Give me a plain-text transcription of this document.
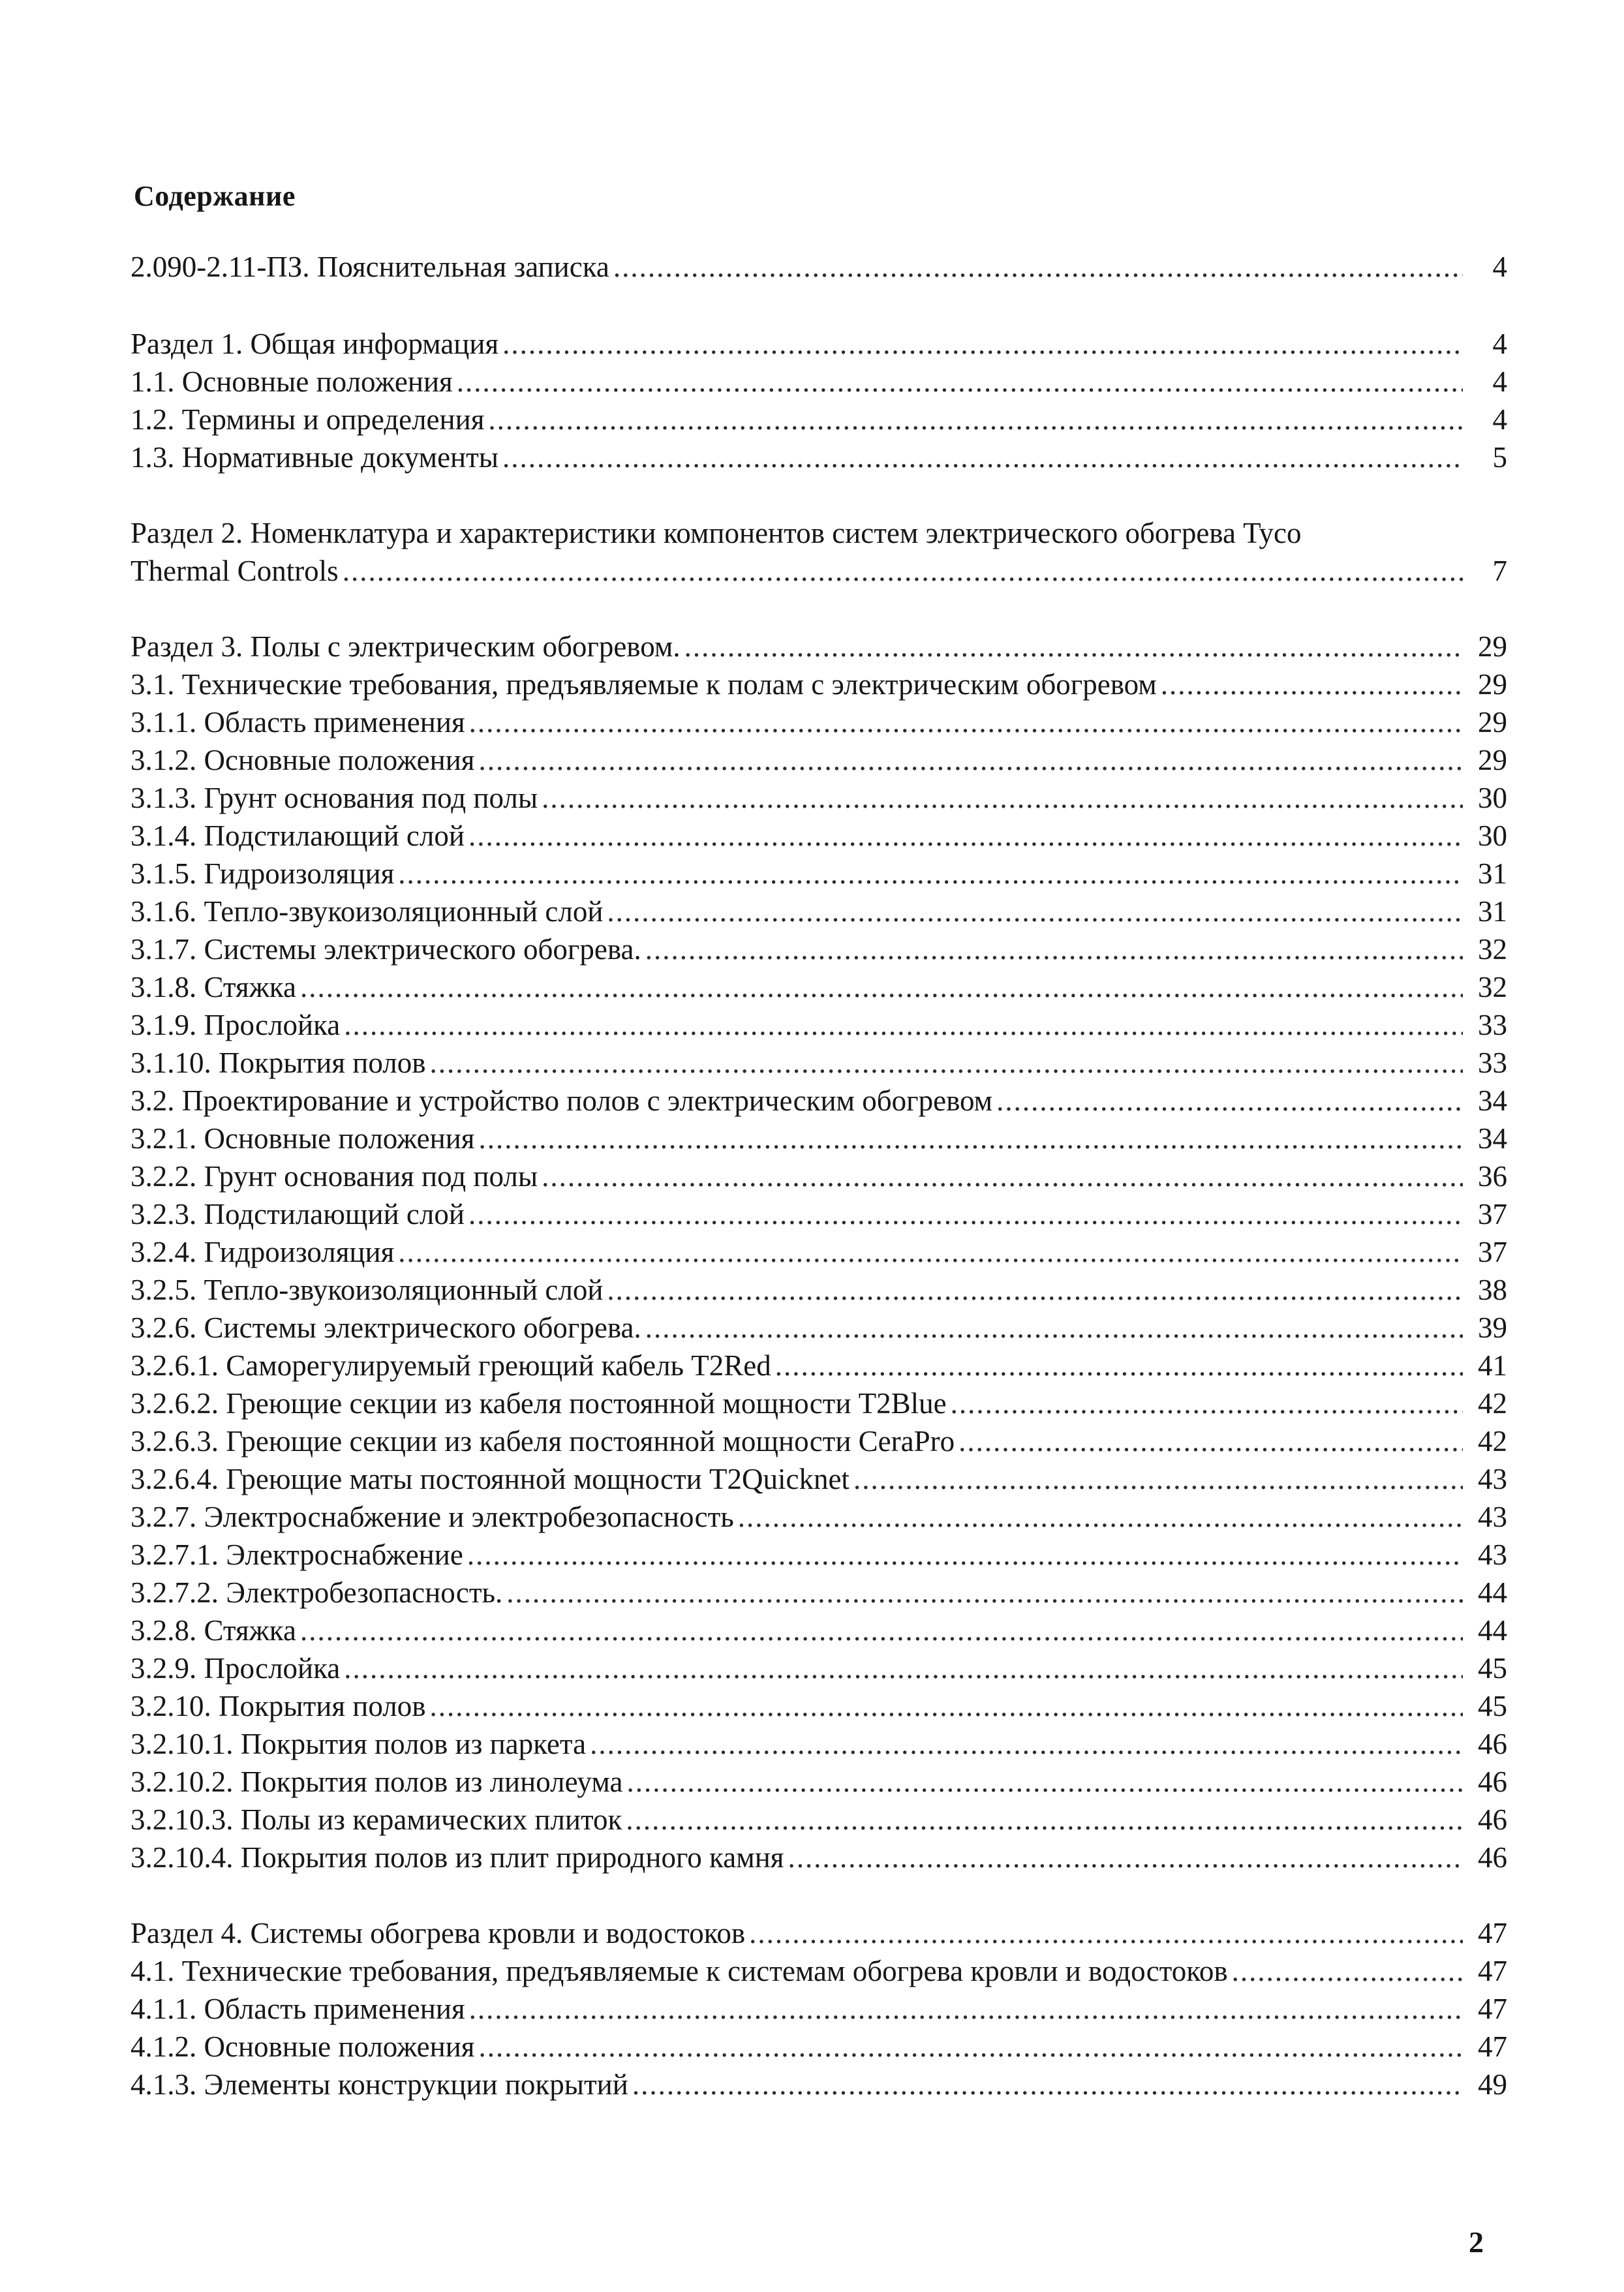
Содержание
2.090-2.11-ПЗ. Пояснительная записка .....	4
Раздел 1. Общая информация .....	4
1.1. Основные положения .....	4
1.2. Термины и определения .....	4
1.3. Нормативные документы .....	5
Раздел 2. Номенклатура и характеристики компонентов систем электрического обогрева Tyco
Thermal Controls .....	7
Раздел 3. Полы с электрическим обогревом. .....	29
3.1. Технические требования, предъявляемые к полам с электрическим обогревом .....	29
3.1.1. Область применения .....	29
3.1.2. Основные положения .....	29
3.1.3. Грунт основания под полы .....	30
3.1.4. Подстилающий слой .....	30
3.1.5. Гидроизоляция .....	31
3.1.6. Тепло-звукоизоляционный слой .....	31
3.1.7. Системы электрического обогрева. .....	32
3.1.8. Стяжка .....	32
3.1.9. Прослойка .....	33
3.1.10. Покрытия полов .....	33
3.2. Проектирование и устройство полов с электрическим обогревом .....	34
3.2.1. Основные положения .....	34
3.2.2. Грунт основания под полы .....	36
3.2.3. Подстилающий слой .....	37
3.2.4. Гидроизоляция .....	37
3.2.5. Тепло-звукоизоляционный слой .....	38
3.2.6. Системы электрического обогрева. .....	39
3.2.6.1. Саморегулируемый греющий кабель T2Red .....	41
3.2.6.2. Греющие секции из кабеля постоянной мощности T2Blue .....	42
3.2.6.3. Греющие секции из кабеля постоянной мощности CeraPro .....	42
3.2.6.4. Греющие маты постоянной мощности T2Quicknet .....	43
3.2.7. Электроснабжение и электробезопасность .....	43
3.2.7.1. Электроснабжение .....	43
3.2.7.2. Электробезопасность. .....	44
3.2.8. Стяжка .....	44
3.2.9. Прослойка .....	45
3.2.10. Покрытия полов .....	45
3.2.10.1. Покрытия полов из паркета .....	46
3.2.10.2. Покрытия полов из линолеума .....	46
3.2.10.3. Полы из керамических плиток .....	46
3.2.10.4. Покрытия полов из плит природного камня .....	46
Раздел 4. Системы обогрева кровли и водостоков .....	47
4.1. Технические требования, предъявляемые к системам обогрева кровли и водостоков .....	47
4.1.1. Область применения .....	47
4.1.2. Основные положения .....	47
4.1.3. Элементы конструкции покрытий .....	49
2
